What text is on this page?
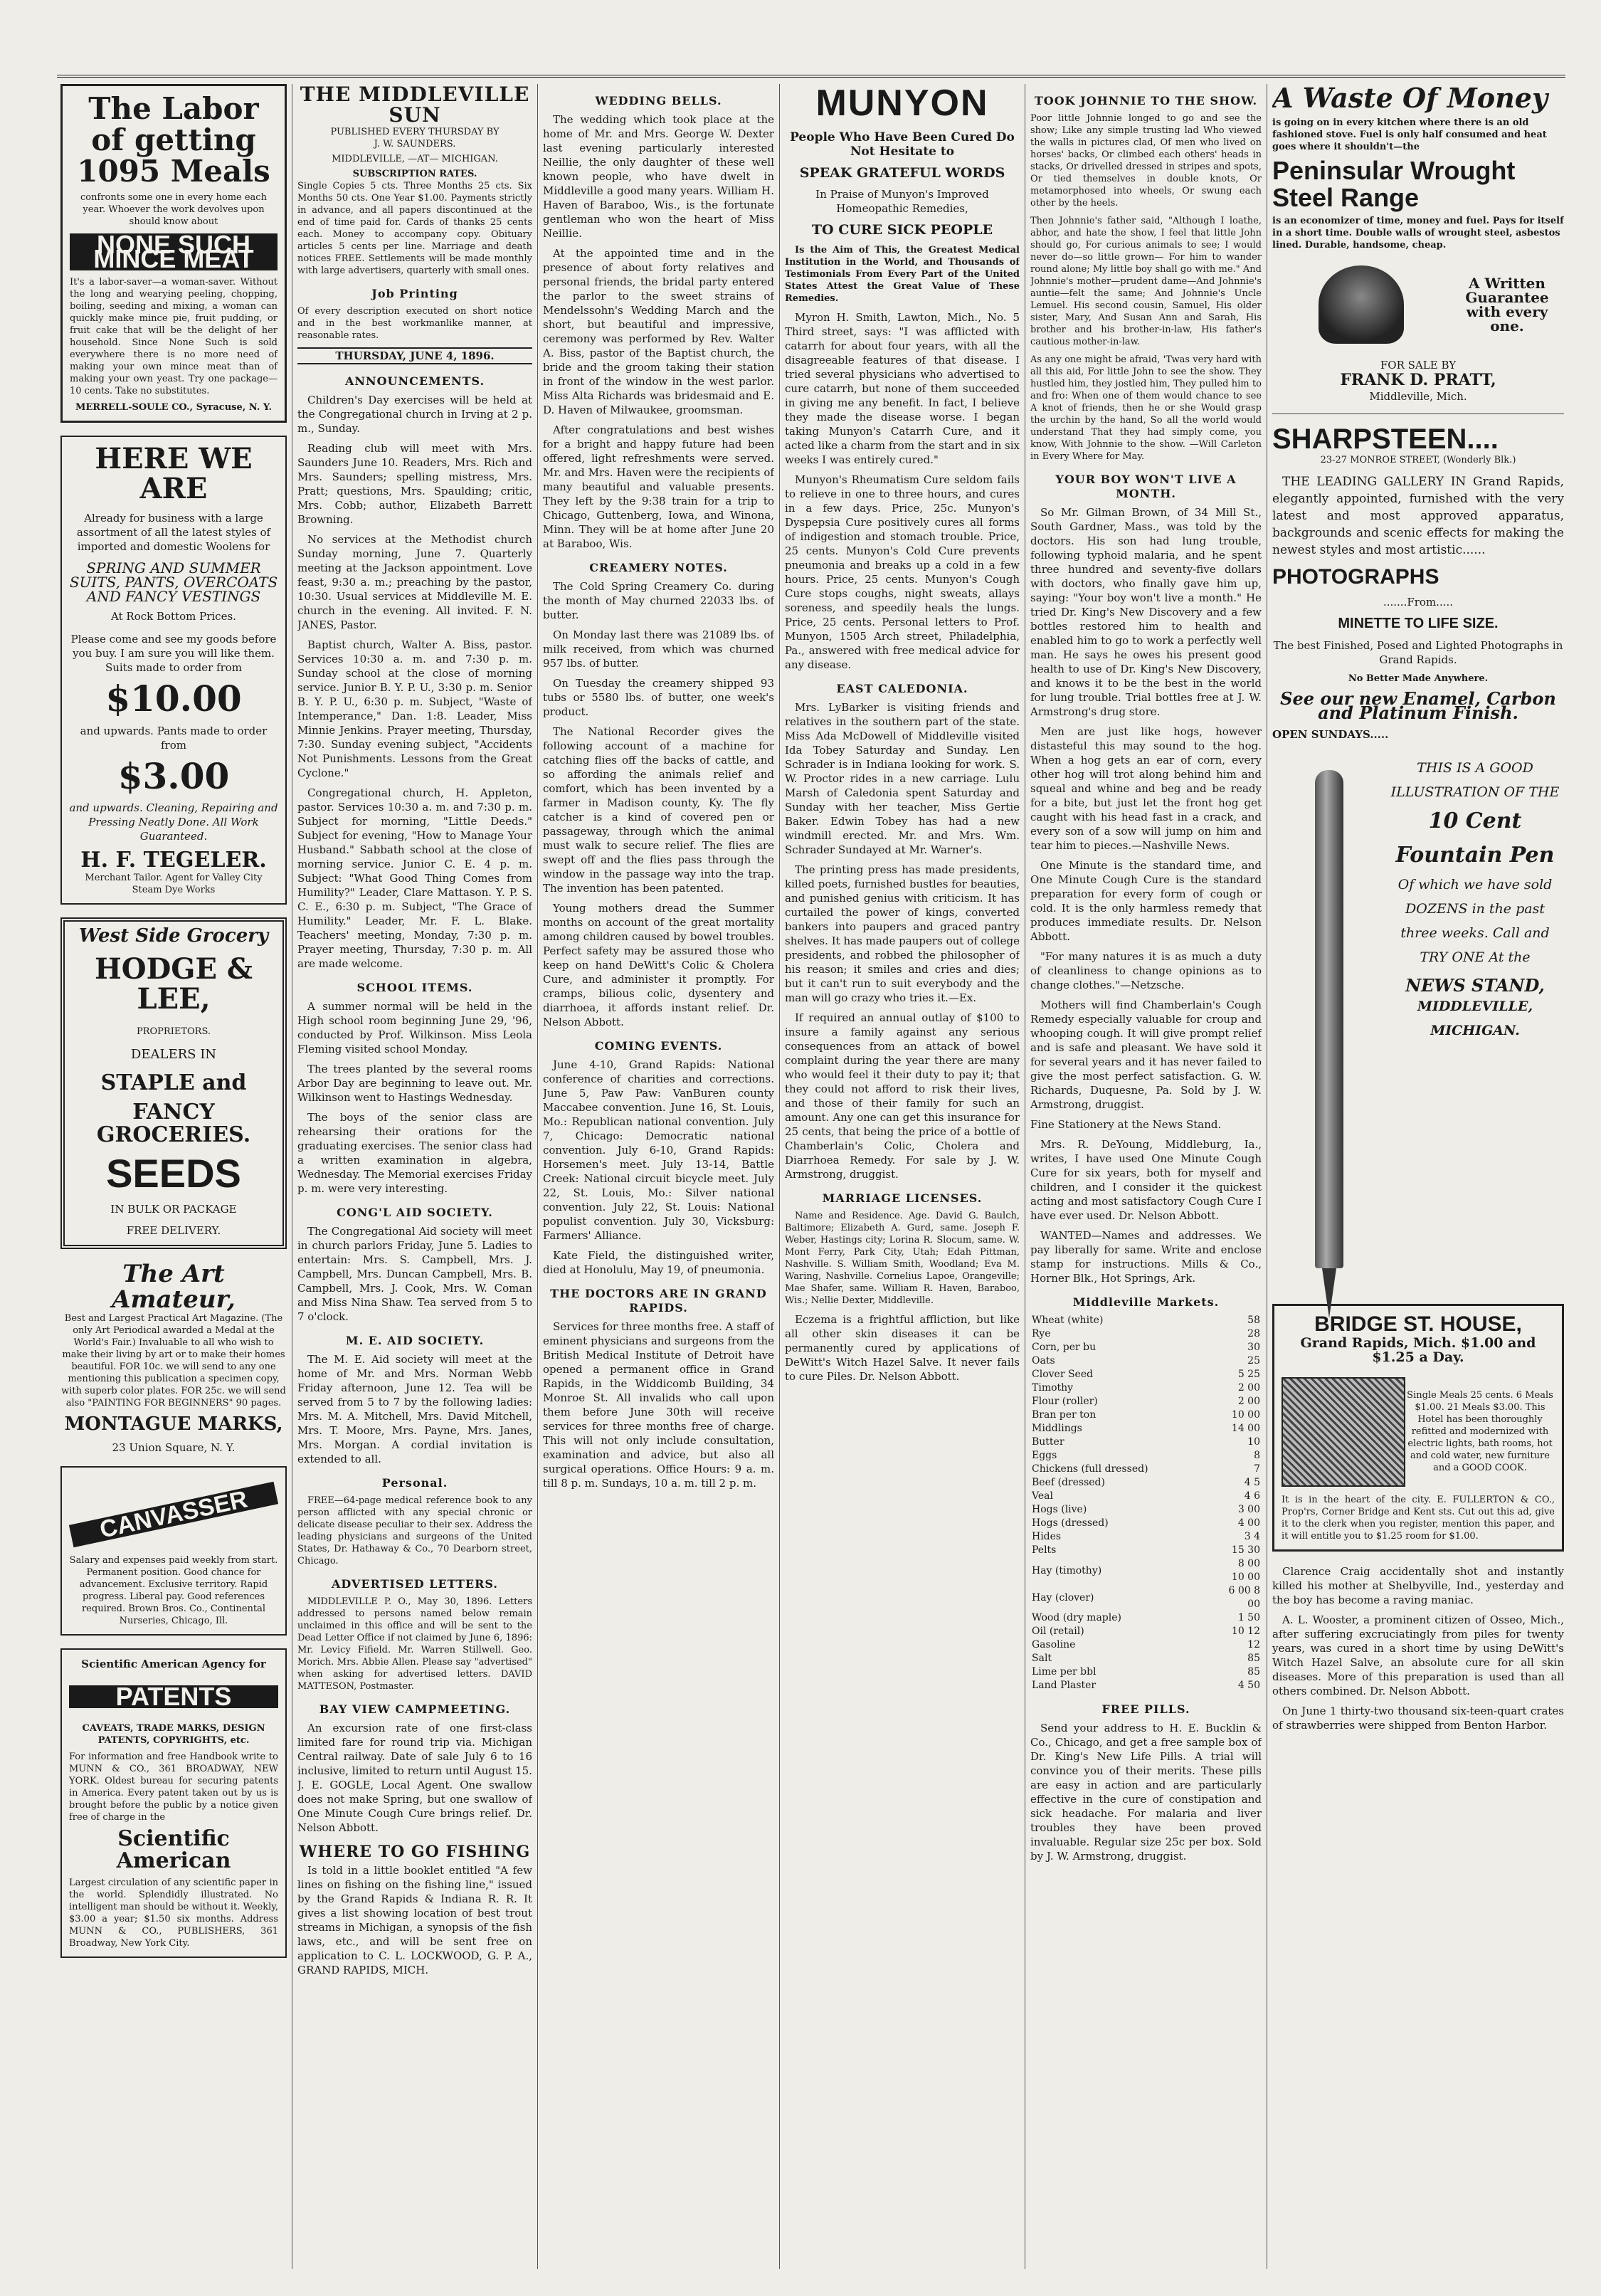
The Labor of getting 1095 Meals
confronts some one in every home each year. Whoever the work devolves upon should know about
NONE SUCH MINCE MEAT
It's a labor-saver—a woman-saver. Without the long and wearying peeling, chopping, boiling, seeding and mixing, a woman can quickly make mince pie, fruit pudding, or fruit cake that will be the delight of her household. Since None Such is sold everywhere there is no more need of making your own mince meat than of making your own yeast. Try one package—10 cents. Take no substitutes.
MERRELL-SOULE CO., Syracuse, N. Y.
HERE WE ARE
Already for business with a large assortment of all the latest styles of imported and domestic Woolens for
SPRING AND SUMMER SUITS, PANTS, OVERCOATS AND FANCY VESTINGS
At Rock Bottom Prices.
Please come and see my goods before you buy. I am sure you will like them. Suits made to order from
$10.00
and upwards. Pants made to order from
$3.00
and upwards. Cleaning, Repairing and Pressing Neatly Done. All Work Guaranteed.
H. F. TEGELER.
Merchant Tailor. Agent for Valley City Steam Dye Works
West Side Grocery
HODGE & LEE,
PROPRIETORS.
DEALERS IN
STAPLE and
FANCY GROCERIES.
SEEDS
IN BULK OR PACKAGE
FREE DELIVERY.
The Art Amateur,
Best and Largest Practical Art Magazine. (The only Art Periodical awarded a Medal at the World's Fair.) Invaluable to all who wish to make their living by art or to make their homes beautiful. FOR 10c. we will send to any one mentioning this publication a specimen copy, with superb color plates. FOR 25c. we will send also "PAINTING FOR BEGINNERS" 90 pages.
MONTAGUE MARKS,
23 Union Square, N. Y.
CANVASSER
Salary and expenses paid weekly from start. Permanent position. Good chance for advancement. Exclusive territory. Rapid progress. Liberal pay. Good references required. Brown Bros. Co., Continental Nurseries, Chicago, Ill.
Scientific American Agency for
PATENTS
CAVEATS, TRADE MARKS, DESIGN PATENTS, COPYRIGHTS, etc.
For information and free Handbook write to MUNN & CO., 361 BROADWAY, NEW YORK. Oldest bureau for securing patents in America. Every patent taken out by us is brought before the public by a notice given free of charge in the
Scientific American
Largest circulation of any scientific paper in the world. Splendidly illustrated. No intelligent man should be without it. Weekly, $3.00 a year; $1.50 six months. Address MUNN & CO., PUBLISHERS, 361 Broadway, New York City.
THE MIDDLEVILLE SUN
PUBLISHED EVERY THURSDAY BY
J. W. SAUNDERS.
MIDDLEVILLE, —AT— MICHIGAN.
SUBSCRIPTION RATES.
Single Copies 5 cts. Three Months 25 cts. Six Months 50 cts. One Year $1.00. Payments strictly in advance, and all papers discontinued at the end of time paid for. Cards of thanks 25 cents each. Money to accompany copy. Obituary articles 5 cents per line. Marriage and death notices FREE. Settlements will be made monthly with large advertisers, quarterly with small ones.
Job Printing
Of every description executed on short notice and in the best workmanlike manner, at reasonable rates.
THURSDAY, JUNE 4, 1896.
ANNOUNCEMENTS.

Children's Day exercises will be held at the Congregational church in Irving at 2 p. m., Sunday.

Reading club will meet with Mrs. Saunders June 10. Readers, Mrs. Rich and Mrs. Saunders; spelling mistress, Mrs. Pratt; questions, Mrs. Spaulding; critic, Mrs. Cobb; author, Elizabeth Barrett Browning.

No services at the Methodist church Sunday morning, June 7. Quarterly meeting at the Jackson appointment. Love feast, 9:30 a. m.; preaching by the pastor, 10:30. Usual services at Middleville M. E. church in the evening. All invited. F. N. JANES, Pastor.

Baptist church, Walter A. Biss, pastor. Services 10:30 a. m. and 7:30 p. m. Sunday school at the close of morning service. Junior B. Y. P. U., 3:30 p. m. Senior B. Y. P. U., 6:30 p. m. Subject, "Waste of Intemperance," Dan. 1:8. Leader, Miss Minnie Jenkins. Prayer meeting, Thursday, 7:30. Sunday evening subject, "Accidents Not Punishments. Lessons from the Great Cyclone."

Congregational church, H. Appleton, pastor. Services 10:30 a. m. and 7:30 p. m. Subject for morning, "Little Deeds." Subject for evening, "How to Manage Your Husband." Sabbath school at the close of morning service. Junior C. E. 4 p. m. Subject: "What Good Thing Comes from Humility?" Leader, Clare Mattason. Y. P. S. C. E., 6:30 p. m. Subject, "The Grace of Humility." Leader, Mr. F. L. Blake. Teachers' meeting, Monday, 7:30 p. m. Prayer meeting, Thursday, 7:30 p. m. All are made welcome.

SCHOOL ITEMS.

A summer normal will be held in the High school room beginning June 29, '96, conducted by Prof. Wilkinson. Miss Leola Fleming visited school Monday.

The trees planted by the several rooms Arbor Day are beginning to leave out. Mr. Wilkinson went to Hastings Wednesday.

The boys of the senior class are rehearsing their orations for the graduating exercises. The senior class had a written examination in algebra, Wednesday. The Memorial exercises Friday p. m. were very interesting.

CONG'L AID SOCIETY.

The Congregational Aid society will meet in church parlors Friday, June 5. Ladies to entertain: Mrs. S. Campbell, Mrs. J. Campbell, Mrs. Duncan Campbell, Mrs. B. Campbell, Mrs. J. Cook, Mrs. W. Coman and Miss Nina Shaw. Tea served from 5 to 7 o'clock.

M. E. AID SOCIETY.

The M. E. Aid society will meet at the home of Mr. and Mrs. Norman Webb Friday afternoon, June 12. Tea will be served from 5 to 7 by the following ladies: Mrs. M. A. Mitchell, Mrs. David Mitchell, Mrs. T. Moore, Mrs. Payne, Mrs. Janes, Mrs. Morgan. A cordial invitation is extended to all.

Personal.

FREE—64-page medical reference book to any person afflicted with any special chronic or delicate disease peculiar to their sex. Address the leading physicians and surgeons of the United States, Dr. Hathaway & Co., 70 Dearborn street, Chicago.

ADVERTISED LETTERS.

MIDDLEVILLE P. O., May 30, 1896. Letters addressed to persons named below remain unclaimed in this office and will be sent to the Dead Letter Office if not claimed by June 6, 1896: Mr. Levicy Fifield. Mr. Warren Stillwell. Geo. Morich. Mrs. Abbie Allen. Please say "advertised" when asking for advertised letters. DAVID MATTESON, Postmaster.

BAY VIEW CAMPMEETING.

An excursion rate of one first-class limited fare for round trip via. Michigan Central railway. Date of sale July 6 to 16 inclusive, limited to return until August 15. J. E. GOGLE, Local Agent. One swallow does not make Spring, but one swallow of One Minute Cough Cure brings relief. Dr. Nelson Abbott.

WHERE TO GO FISHING

Is told in a little booklet entitled "A few lines on fishing on the fishing line," issued by the Grand Rapids & Indiana R. R. It gives a list showing location of best trout streams in Michigan, a synopsis of the fish laws, etc., and will be sent free on application to C. L. LOCKWOOD, G. P. A., GRAND RAPIDS, MICH.

WEDDING BELLS.

The wedding which took place at the home of Mr. and Mrs. George W. Dexter last evening particularly interested Neillie, the only daughter of these well known people, who have dwelt in Middleville a good many years. William H. Haven of Baraboo, Wis., is the fortunate gentleman who won the heart of Miss Neillie.

At the appointed time and in the presence of about forty relatives and personal friends, the bridal party entered the parlor to the sweet strains of Mendelssohn's Wedding March and the short, but beautiful and impressive, ceremony was performed by Rev. Walter A. Biss, pastor of the Baptist church, the bride and the groom taking their station in front of the window in the west parlor. Miss Alta Richards was bridesmaid and E. D. Haven of Milwaukee, groomsman.

After congratulations and best wishes for a bright and happy future had been offered, light refreshments were served. Mr. and Mrs. Haven were the recipients of many beautiful and valuable presents. They left by the 9:38 train for a trip to Chicago, Guttenberg, Iowa, and Winona, Minn. They will be at home after June 20 at Baraboo, Wis.

CREAMERY NOTES.

The Cold Spring Creamery Co. during the month of May churned 22033 lbs. of butter.

On Monday last there was 21089 lbs. of milk received, from which was churned 957 lbs. of butter.

On Tuesday the creamery shipped 93 tubs or 5580 lbs. of butter, one week's product.

The National Recorder gives the following account of a machine for catching flies off the backs of cattle, and so affording the animals relief and comfort, which has been invented by a farmer in Madison county, Ky. The fly catcher is a kind of covered pen or passageway, through which the animal must walk to secure relief. The flies are swept off and the flies pass through the window in the passage way into the trap. The invention has been patented.

Young mothers dread the Summer months on account of the great mortality among children caused by bowel troubles. Perfect safety may be assured those who keep on hand DeWitt's Colic & Cholera Cure, and administer it promptly. For cramps, bilious colic, dysentery and diarrhoea, it affords instant relief. Dr. Nelson Abbott.

COMING EVENTS.

June 4-10, Grand Rapids: National conference of charities and corrections. June 5, Paw Paw: VanBuren county Maccabee convention. June 16, St. Louis, Mo.: Republican national convention. July 7, Chicago: Democratic national convention. July 6-10, Grand Rapids: Horsemen's meet. July 13-14, Battle Creek: National circuit bicycle meet. July 22, St. Louis, Mo.: Silver national convention. July 22, St. Louis: National populist convention. July 30, Vicksburg: Farmers' Alliance.

Kate Field, the distinguished writer, died at Honolulu, May 19, of pneumonia.

THE DOCTORS ARE IN GRAND RAPIDS.

Services for three months free. A staff of eminent physicians and surgeons from the British Medical Institute of Detroit have opened a permanent office in Grand Rapids, in the Widdicomb Building, 34 Monroe St. All invalids who call upon them before June 30th will receive services for three months free of charge. This will not only include consultation, examination and advice, but also all surgical operations. Office Hours: 9 a. m. till 8 p. m. Sundays, 10 a. m. till 2 p. m.

MUNYON
People Who Have Been Cured Do Not Hesitate to
SPEAK GRATEFUL WORDS
In Praise of Munyon's Improved Homeopathic Remedies,
TO CURE SICK PEOPLE

Is the Aim of This, the Greatest Medical Institution in the World, and Thousands of Testimonials From Every Part of the United States Attest the Great Value of These Remedies.

Myron H. Smith, Lawton, Mich., No. 5 Third street, says: "I was afflicted with catarrh for about four years, with all the disagreeable features of that disease. I tried several physicians who advertised to cure catarrh, but none of them succeeded in giving me any benefit. In fact, I believe they made the disease worse. I began taking Munyon's Catarrh Cure, and it acted like a charm from the start and in six weeks I was entirely cured."

Munyon's Rheumatism Cure seldom fails to relieve in one to three hours, and cures in a few days. Price, 25c. Munyon's Dyspepsia Cure positively cures all forms of indigestion and stomach trouble. Price, 25 cents. Munyon's Cold Cure prevents pneumonia and breaks up a cold in a few hours. Price, 25 cents. Munyon's Cough Cure stops coughs, night sweats, allays soreness, and speedily heals the lungs. Price, 25 cents. Personal letters to Prof. Munyon, 1505 Arch street, Philadelphia, Pa., answered with free medical advice for any disease.

EAST CALEDONIA.

Mrs. LyBarker is visiting friends and relatives in the southern part of the state. Miss Ada McDowell of Middleville visited Ida Tobey Saturday and Sunday. Len Schrader is in Indiana looking for work. S. W. Proctor rides in a new carriage. Lulu Marsh of Caledonia spent Saturday and Sunday with her teacher, Miss Gertie Baker. Edwin Tobey has had a new windmill erected. Mr. and Mrs. Wm. Schrader Sundayed at Mr. Warner's.

The printing press has made presidents, killed poets, furnished bustles for beauties, and punished genius with criticism. It has curtailed the power of kings, converted bankers into paupers and graced pantry shelves. It has made paupers out of college presidents, and robbed the philosopher of his reason; it smiles and cries and dies; but it can't run to suit everybody and the man will go crazy who tries it.—Ex.

If required an annual outlay of $100 to insure a family against any serious consequences from an attack of bowel complaint during the year there are many who would feel it their duty to pay it; that they could not afford to risk their lives, and those of their family for such an amount. Any one can get this insurance for 25 cents, that being the price of a bottle of Chamberlain's Colic, Cholera and Diarrhoea Remedy. For sale by J. W. Armstrong, druggist.

MARRIAGE LICENSES.

Name and Residence. Age. David G. Baulch, Baltimore; Elizabeth A. Gurd, same. Joseph F. Weber, Hastings city; Lorina R. Slocum, same. W. Mont Ferry, Park City, Utah; Edah Pittman, Nashville. S. William Smith, Woodland; Eva M. Waring, Nashville. Cornelius Lapoe, Orangeville; Mae Shafer, same. William R. Haven, Baraboo, Wis.; Nellie Dexter, Middleville.

Eczema is a frightful affliction, but like all other skin diseases it can be permanently cured by applications of DeWitt's Witch Hazel Salve. It never fails to cure Piles. Dr. Nelson Abbott.

TOOK JOHNNIE TO THE SHOW.

Poor little Johnnie longed to go and see the show; Like any simple trusting lad Who viewed the walls in pictures clad, Of men who lived on horses' backs, Or climbed each others' heads in stacks, Or drivelled dressed in stripes and spots, Or tied themselves in double knots, Or metamorphosed into wheels, Or swung each other by the heels.

Then Johnnie's father said, "Although I loathe, abhor, and hate the show, I feel that little John should go, For curious animals to see; I would never do—so little grown— For him to wander round alone; My little boy shall go with me." And Johnnie's mother—prudent dame—And Johnnie's auntie—felt the same; And Johnnie's Uncle Lemuel. His second cousin, Samuel, His older sister, Mary, And Susan Ann and Sarah, His brother and his brother-in-law, His father's cautious mother-in-law.

As any one might be afraid, 'Twas very hard with all this aid, For little John to see the show. They hustled him, they jostled him, They pulled him to and fro: When one of them would chance to see A knot of friends, then he or she Would grasp the urchin by the hand, So all the world would understand That they had simply come, you know, With Johnnie to the show. —Will Carleton in Every Where for May.

YOUR BOY WON'T LIVE A MONTH.

So Mr. Gilman Brown, of 34 Mill St., South Gardner, Mass., was told by the doctors. His son had lung trouble, following typhoid malaria, and he spent three hundred and seventy-five dollars with doctors, who finally gave him up, saying: "Your boy won't live a month." He tried Dr. King's New Discovery and a few bottles restored him to health and enabled him to go to work a perfectly well man. He says he owes his present good health to use of Dr. King's New Discovery, and knows it to be the best in the world for lung trouble. Trial bottles free at J. W. Armstrong's drug store.

Men are just like hogs, however distasteful this may sound to the hog. When a hog gets an ear of corn, every other hog will trot along behind him and squeal and whine and beg and be ready for a bite, but just let the front hog get caught with his head fast in a crack, and every son of a sow will jump on him and tear him to pieces.—Nashville News.

One Minute is the standard time, and One Minute Cough Cure is the standard preparation for every form of cough or cold. It is the only harmless remedy that produces immediate results. Dr. Nelson Abbott.

"For many natures it is as much a duty of cleanliness to change opinions as to change clothes."—Netzsche.

Mothers will find Chamberlain's Cough Remedy especially valuable for croup and whooping cough. It will give prompt relief and is safe and pleasant. We have sold it for several years and it has never failed to give the most perfect satisfaction. G. W. Richards, Duquesne, Pa. Sold by J. W. Armstrong, druggist.

Fine Stationery at the News Stand.

Mrs. R. DeYoung, Middleburg, Ia., writes, I have used One Minute Cough Cure for six years, both for myself and children, and I consider it the quickest acting and most satisfactory Cough Cure I have ever used. Dr. Nelson Abbott.

WANTED—Names and addresses. We pay liberally for same. Write and enclose stamp for instructions. Mills & Co., Horner Blk., Hot Springs, Ark.

Middleville Markets.
Wheat (white)	58
Rye	28
Corn, per bu	30
Oats	25
Clover Seed	5 25
Timothy	2 00
Flour (roller)	2 00
Bran per ton	10 00
Middlings	14 00
Butter	10
Eggs	8
Chickens (full dressed)	7
Beef (dressed)	4 5
Veal	4 6
Hogs (live)	3 00
Hogs (dressed)	4 00
Hides	3 4
Pelts	15 30
Hay (timothy)	8 00 10 00
Hay (clover)	6 00 8 00
Wood (dry maple)	1 50
Oil (retail)	10 12
Gasoline	12
Salt	85
Lime per bbl	85
Land Plaster	4 50
FREE PILLS.

Send your address to H. E. Bucklin & Co., Chicago, and get a free sample box of Dr. King's New Life Pills. A trial will convince you of their merits. These pills are easy in action and are particularly effective in the cure of constipation and sick headache. For malaria and liver troubles they have been proved invaluable. Regular size 25c per box. Sold by J. W. Armstrong, druggist.

A Waste Of Money
is going on in every kitchen where there is an old fashioned stove. Fuel is only half consumed and heat goes where it shouldn't—the
Peninsular Wrought Steel Range
is an economizer of time, money and fuel. Pays for itself in a short time. Double walls of wrought steel, asbestos lined. Durable, handsome, cheap.
A Written Guarantee with every one.
FOR SALE BY
FRANK D. PRATT,
Middleville, Mich.
SHARPSTEEN....
23-27 MONROE STREET, (Wonderly Blk.)

THE LEADING GALLERY IN Grand Rapids, elegantly appointed, furnished with the very latest and most approved apparatus, backgrounds and scenic effects for making the newest styles and most artistic......

PHOTOGRAPHS
.......From.....
MINETTE TO LIFE SIZE.
The best Finished, Posed and Lighted Photographs in Grand Rapids.
No Better Made Anywhere.
See our new Enamel, Carbon and Platinum Finish.
OPEN SUNDAYS.....
THIS IS A GOOD ILLUSTRATION OF THE
10 Cent Fountain Pen
Of which we have sold DOZENS in the past three weeks. Call and TRY ONE At the
NEWS STAND,
MIDDLEVILLE, MICHIGAN.
BRIDGE ST. HOUSE,
Grand Rapids, Mich. $1.00 and $1.25 a Day.
Single Meals 25 cents. 6 Meals $1.00. 21 Meals $3.00. This Hotel has been thoroughly refitted and modernized with electric lights, bath rooms, hot and cold water, new furniture and a GOOD COOK.
It is in the heart of the city. E. FULLERTON & CO., Prop'rs, Corner Bridge and Kent sts. Cut out this ad, give it to the clerk when you register, mention this paper, and it will entitle you to $1.25 room for $1.00.

Clarence Craig accidentally shot and instantly killed his mother at Shelbyville, Ind., yesterday and the boy has become a raving maniac.

A. L. Wooster, a prominent citizen of Osseo, Mich., after suffering excruciatingly from piles for twenty years, was cured in a short time by using DeWitt's Witch Hazel Salve, an absolute cure for all skin diseases. More of this preparation is used than all others combined. Dr. Nelson Abbott.

On June 1 thirty-two thousand six-teen-quart crates of strawberries were shipped from Benton Harbor.
